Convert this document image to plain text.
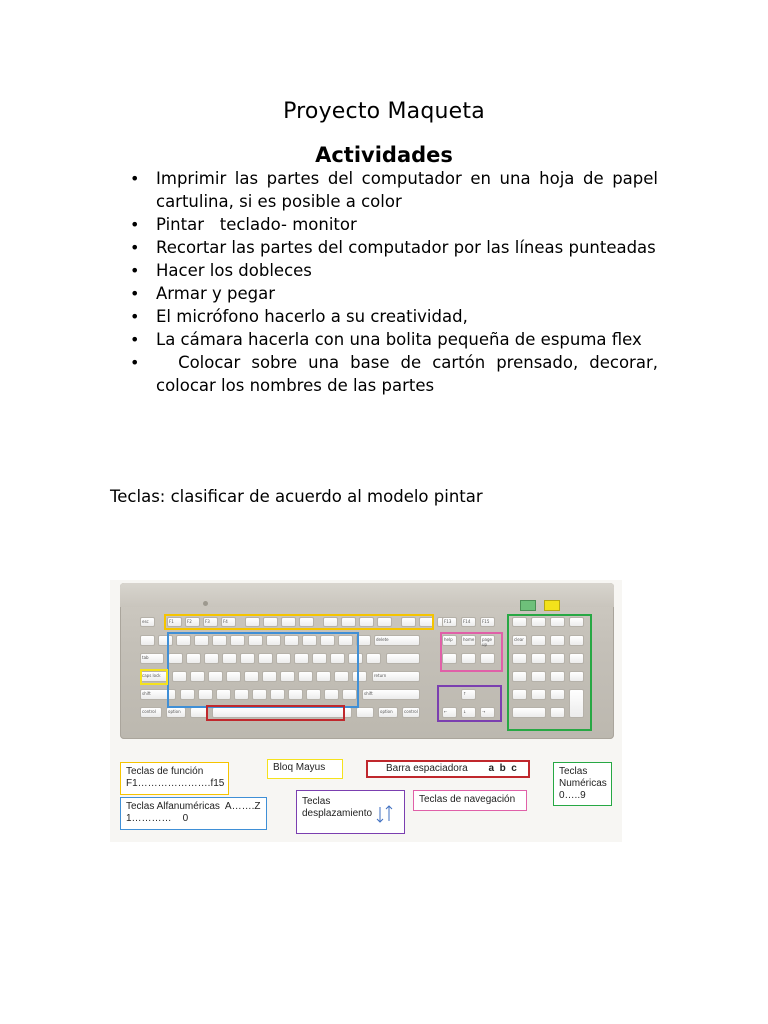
Proyecto Maqueta
Actividades
• Imprimir las partes del computador en una hoja de papel cartulina, si es posible a color
• Pintar   teclado- monitor
• Recortar las partes del computador por las líneas punteadas
• Hacer los dobleces
• Armar y pegar
• El micrófono hacerlo a su creatividad,
• La cámara hacerla con una bolita pequeña de espuma flex
•   Colocar sobre una base de cartón prensado, decorar, colocar los nombres de las partes
Teclas: clasificar de acuerdo al modelo pintar
esc	F1	F2	F3	F4
delete
tab
caps lock	return
shift	shift
control	option	option	control
help	home	page up
F13	F14	F15
↑
←	↓	→
clear
Teclas de función
F1………………….f15
Bloq Mayus	Barra espaciadora a  b  c	Teclas
Numéricas
0…..9
Teclas Alfanuméricas  A…….Z
1…………    0
Teclas
desplazamiento
Teclas de navegación
